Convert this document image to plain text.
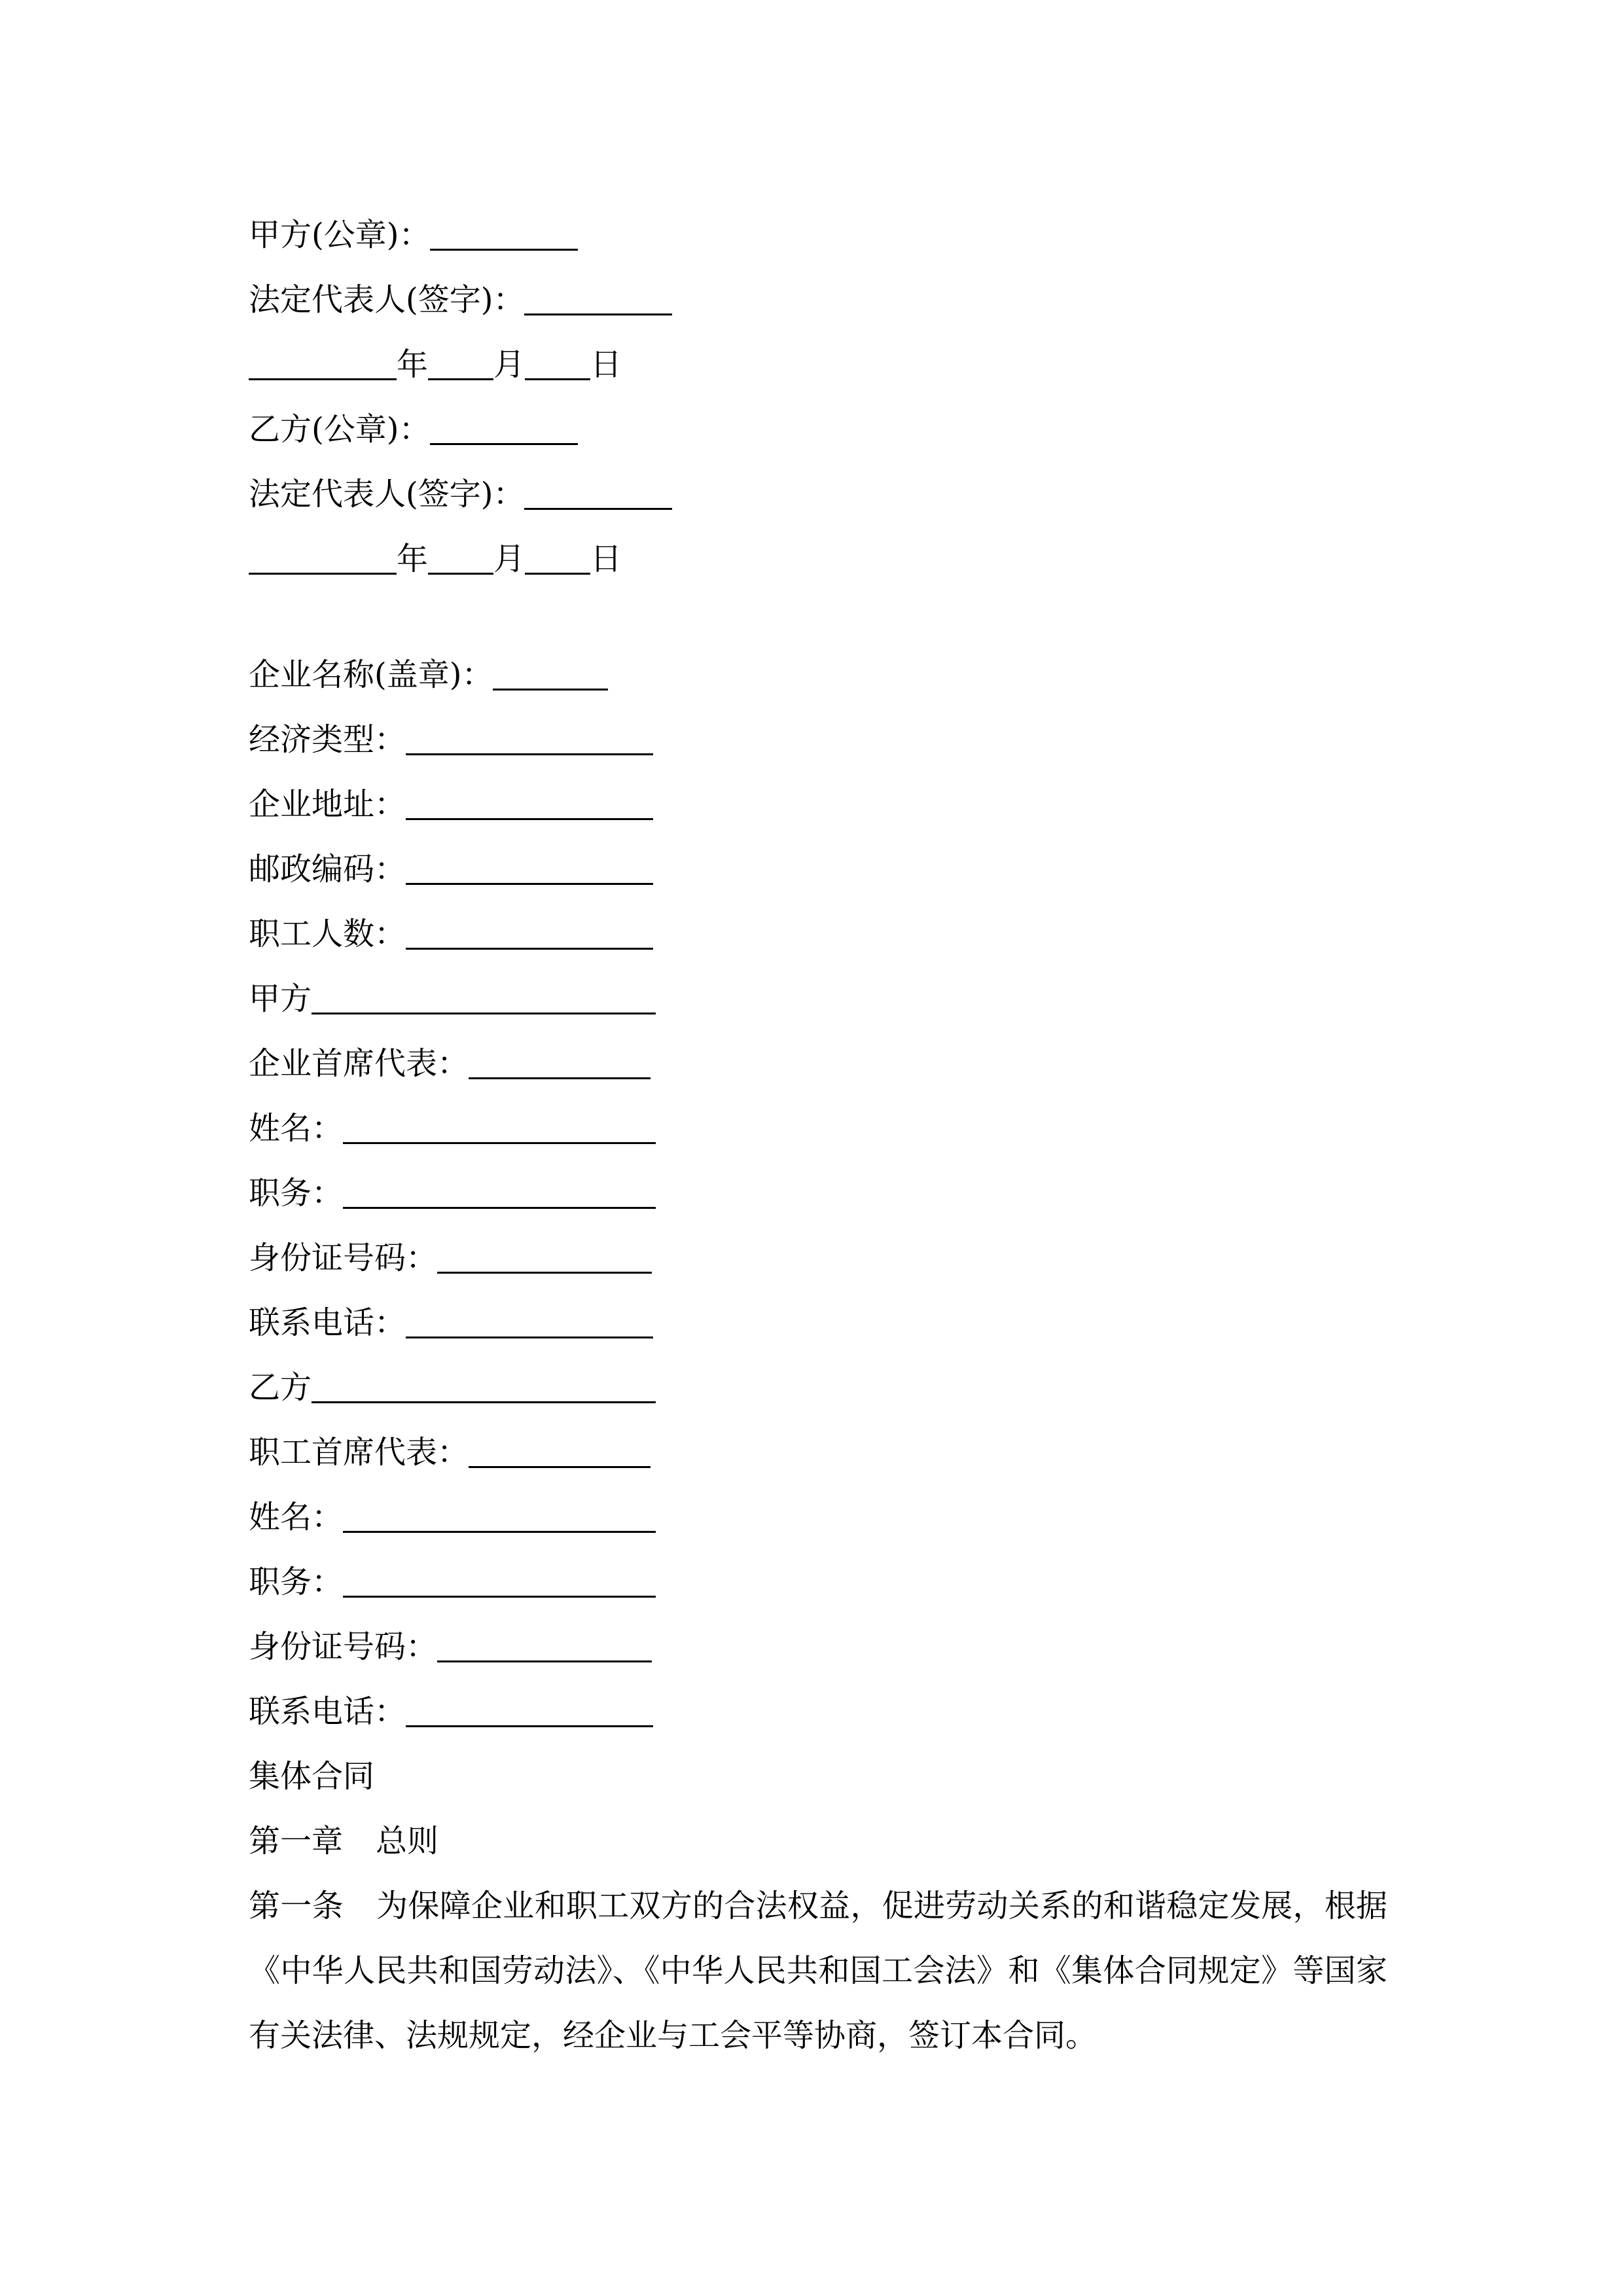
甲方(公章)：
法定代表人(签字)：
年 月 日
乙方(公章)：
法定代表人(签字)：
年 月 日
企业名称(盖章)：
经济类型：
企业地址：
邮政编码：
职工人数：
甲方
企业首席代表：
姓名：
职务：
身份证号码：
联系电话：
乙方
职工首席代表：
姓名：
职务：
身份证号码：
联系电话：
集体合同
第一章 总则
第一条 为保障企业和职工双方的合法权益，促进劳动关系的和谐稳定发展，根据《中华人民共和国劳动法》、《中华人民共和国工会法》和《集体合同规定》等国家有关法律、法规规定，经企业与工会平等协商，签订本合同。
